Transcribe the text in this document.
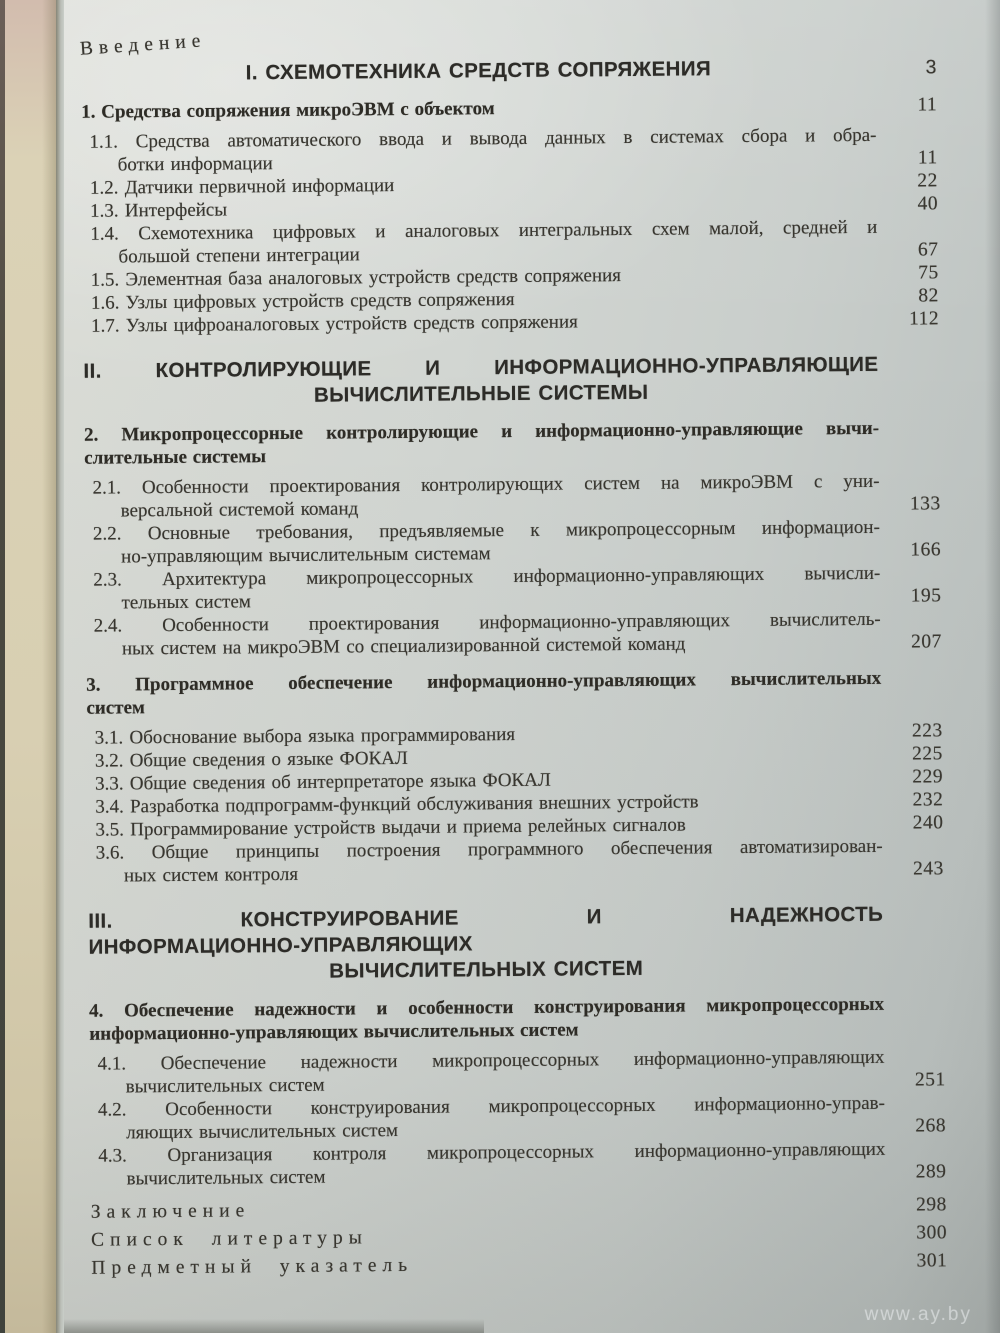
Введение
I. СХЕМОТЕХНИКА СРЕДСТВ СОПРЯЖЕНИЯ	3
1. Средства сопряжения микроЭВМ с объектом	11
1.1. Средства автоматического ввода и вывода данных в системах сбора и обра-
ботки информации	11
1.2. Датчики первичной информации	22
1.3. Интерфейсы	40
1.4. Схемотехника цифровых и аналоговых интегральных схем малой, средней и
большой степени интеграции	67
1.5. Элементная база аналоговых устройств средств сопряжения	75
1.6. Узлы цифровых устройств средств сопряжения	82
1.7. Узлы цифроаналоговых устройств средств сопряжения	112
II. КОНТРОЛИРУЮЩИЕ И ИНФОРМАЦИОННО-УПРАВЛЯЮЩИЕ
ВЫЧИСЛИТЕЛЬНЫЕ СИСТЕМЫ
2. Микропроцессорные контролирующие и информационно-управляющие вычи-
слительные системы
2.1. Особенности проектирования контролирующих систем на микроЭВМ с уни-
версальной системой команд	133
2.2. Основные требования, предъявляемые к микропроцессорным информацион-
но-управляющим вычислительным системам	166
2.3. Архитектура микропроцессорных информационно-управляющих вычисли-
тельных систем	195
2.4. Особенности проектирования информационно-управляющих вычислитель-
ных систем на микроЭВМ со специализированной системой команд	207
3. Программное обеспечение информационно-управляющих вычислительных
систем
3.1. Обоснование выбора языка программирования	223
3.2. Общие сведения о языке ФОКАЛ	225
3.3. Общие сведения об интерпретаторе языка ФОКАЛ	229
3.4. Разработка подпрограмм-функций обслуживания внешних устройств	232
3.5. Программирование устройств выдачи и приема релейных сигналов	240
3.6. Общие принципы построения программного обеспечения автоматизирован-
ных систем контроля	243
III. КОНСТРУИРОВАНИЕ И НАДЕЖНОСТЬ
ИНФОРМАЦИОННО-УПРАВЛЯЮЩИХ
ВЫЧИСЛИТЕЛЬНЫХ СИСТЕМ
4. Обеспечение надежности и особенности конструирования микропроцессорных
информационно-управляющих вычислительных систем
4.1. Обеспечение надежности микропроцессорных информационно-управляющих
вычислительных систем	251
4.2. Особенности конструирования микропроцессорных информационно-управ-
ляющих вычислительных систем	268
4.3. Организация контроля микропроцессорных информационно-управляющих
вычислительных систем	289
Заключение	298
Список литературы	300
Предметный указатель	301
www.ay.by
